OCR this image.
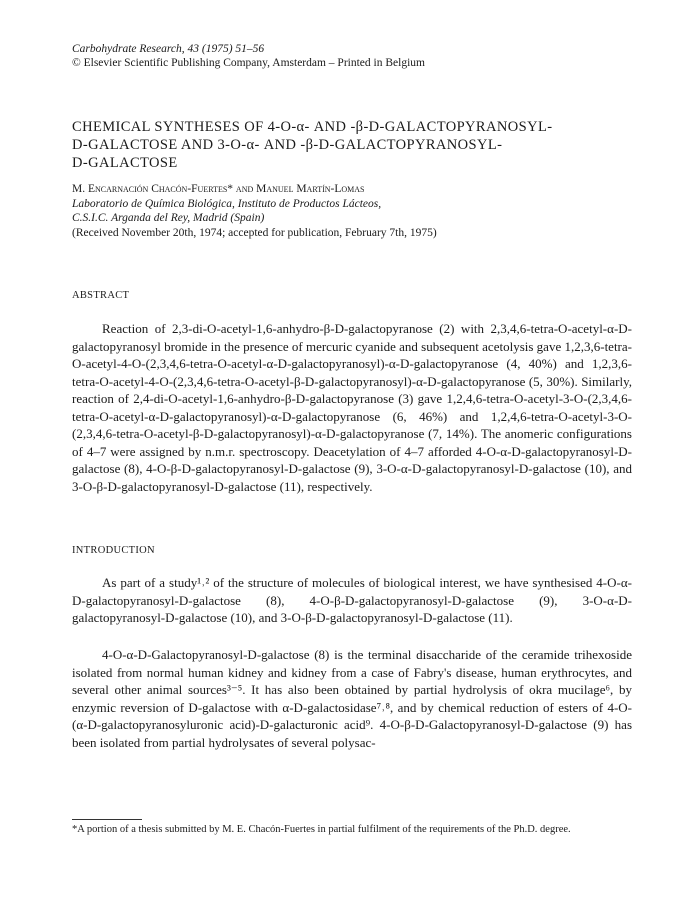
Carbohydrate Research, 43 (1975) 51–56
© Elsevier Scientific Publishing Company, Amsterdam – Printed in Belgium
CHEMICAL SYNTHESES OF 4-O-α- AND -β-D-GALACTOPYRANOSYL-
D-GALACTOSE AND 3-O-α- AND -β-D-GALACTOPYRANOSYL-
D-GALACTOSE
M. Encarnación Chacón-Fuertes* and Manuel Martín-Lomas
Laboratorio de Química Biológica, Instituto de Productos Lácteos,
C.S.I.C. Arganda del Rey, Madrid (Spain)
(Received November 20th, 1974; accepted for publication, February 7th, 1975)
ABSTRACT
Reaction of 2,3-di-O-acetyl-1,6-anhydro-β-D-galactopyranose (2) with 2,3,4,6-tetra-O-acetyl-α-D-galactopyranosyl bromide in the presence of mercuric cyanide and subsequent acetolysis gave 1,2,3,6-tetra-O-acetyl-4-O-(2,3,4,6-tetra-O-acetyl-α-D-galactopyranosyl)-α-D-galactopyranose (4, 40%) and 1,2,3,6-tetra-O-acetyl-4-O-(2,3,4,6-tetra-O-acetyl-β-D-galactopyranosyl)-α-D-galactopyranose (5, 30%). Similarly, reaction of 2,4-di-O-acetyl-1,6-anhydro-β-D-galactopyranose (3) gave 1,2,4,6-tetra-O-acetyl-3-O-(2,3,4,6-tetra-O-acetyl-α-D-galactopyranosyl)-α-D-galactopyranose (6, 46%) and 1,2,4,6-tetra-O-acetyl-3-O-(2,3,4,6-tetra-O-acetyl-β-D-galactopyranosyl)-α-D-galactopyranose (7, 14%). The anomeric configurations of 4–7 were assigned by n.m.r. spectroscopy. Deacetylation of 4–7 afforded 4-O-α-D-galactopyranosyl-D-galactose (8), 4-O-β-D-galactopyranosyl-D-galactose (9), 3-O-α-D-galactopyranosyl-D-galactose (10), and 3-O-β-D-galactopyranosyl-D-galactose (11), respectively.
INTRODUCTION
As part of a study¹˒² of the structure of molecules of biological interest, we have synthesised 4-O-α-D-galactopyranosyl-D-galactose (8), 4-O-β-D-galactopyranosyl-D-galactose (9), 3-O-α-D-galactopyranosyl-D-galactose (10), and 3-O-β-D-galactopyranosyl-D-galactose (11).
4-O-α-D-Galactopyranosyl-D-galactose (8) is the terminal disaccharide of the ceramide trihexoside isolated from normal human kidney and kidney from a case of Fabry's disease, human erythrocytes, and several other animal sources³⁻⁵. It has also been obtained by partial hydrolysis of okra mucilage⁶, by enzymic reversion of D-galactose with α-D-galactosidase⁷˒⁸, and by chemical reduction of esters of 4-O-(α-D-galactopyranosyluronic acid)-D-galacturonic acid⁹. 4-O-β-D-Galactopyranosyl-D-galactose (9) has been isolated from partial hydrolysates of several polysac-
*A portion of a thesis submitted by M. E. Chacón-Fuertes in partial fulfilment of the requirements of the Ph.D. degree.
